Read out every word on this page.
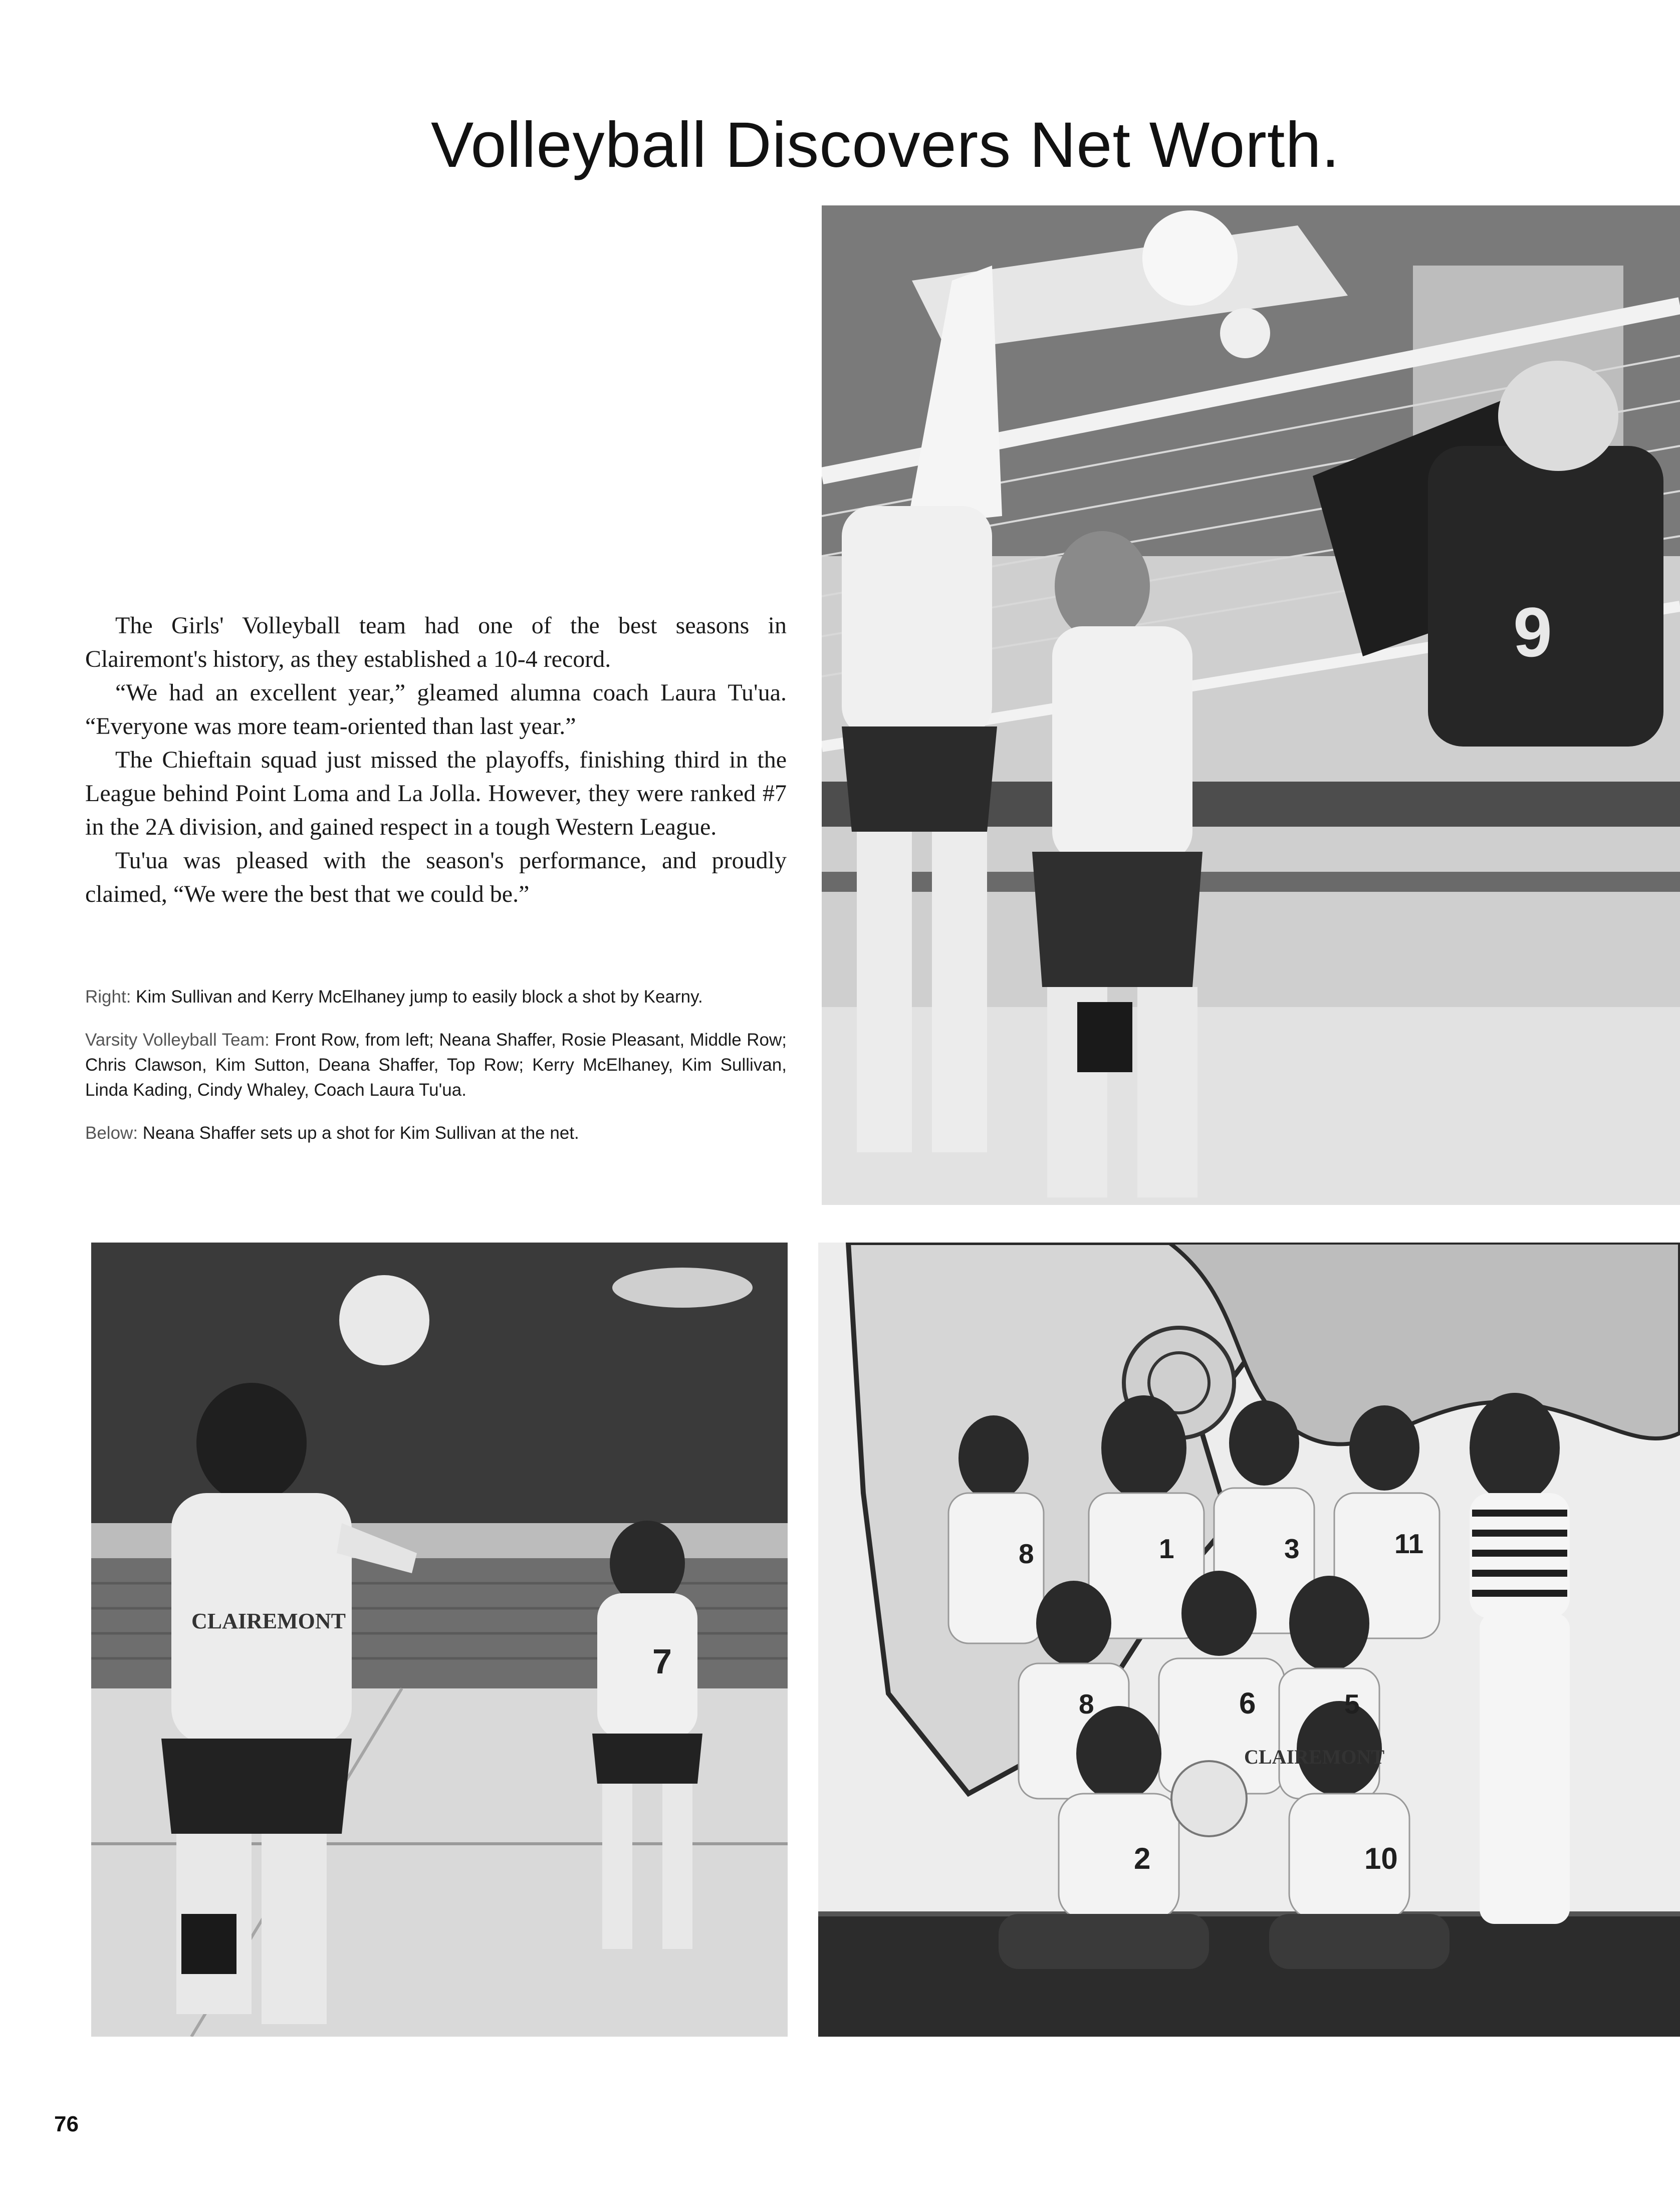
Volleyball Discovers Net Worth.
9

The Girls' Volleyball team had one of the best seasons in Clairemont's history, as they established a 10-4 record.

“We had an excellent year,” gleamed alumna coach Laura Tu'ua. “Everyone was more team-oriented than last year.”

The Chieftain squad just missed the playoffs, finishing third in the League behind Point Loma and La Jolla. However, they were ranked #7 in the 2A division, and gained respect in a tough Western League.

Tu'ua was pleased with the season's performance, and proudly claimed, “We were the best that we could be.”

Right: Kim Sullivan and Kerry McElhaney jump to easily block a shot by Kearny.

Varsity Volleyball Team: Front Row, from left; Neana Shaffer, Rosie Pleasant, Middle Row; Chris Clawson, Kim Sutton, Deana Shaffer, Top Row; Kerry McElhaney, Kim Sullivan, Linda Kading, Cindy Whaley, Coach Laura Tu'ua.

Below: Neana Shaffer sets up a shot for Kim Sullivan at the net.

CLAIREMONT
7
CLAIREMONT
8	1	3	11
8	6	5
2	10
76
